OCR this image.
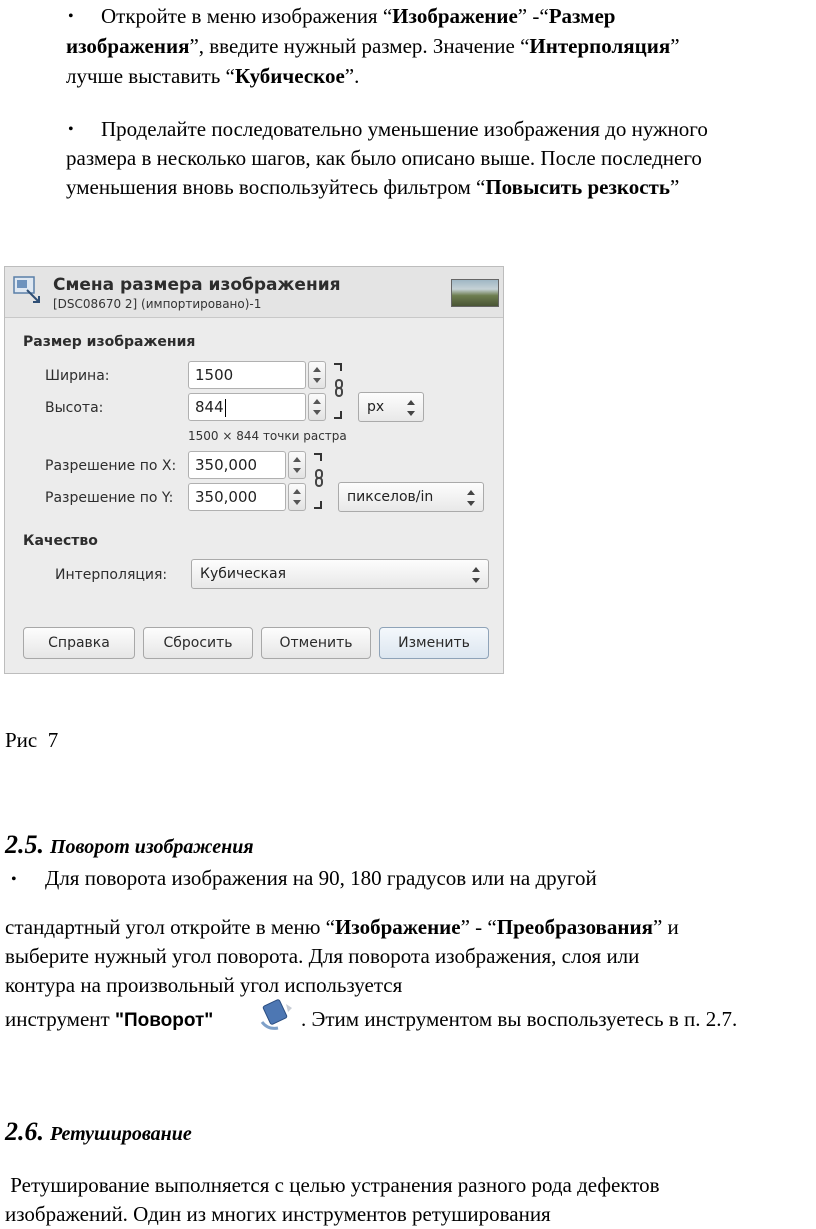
• Откройте в меню изображения “Изображение” -“Размер
изображения”, введите нужный размер. Значение “Интерполяция”
лучше выставить “Кубическое”.
• Проделайте последовательно уменьшение изображения до нужного
размера в несколько шагов, как было описано выше. После последнего
уменьшения вновь воспользуйтесь фильтром “Повысить резкость”
Смена размера изображения
[DSC08670 2] (импортировано)-1
Размер изображения
Ширина:	1500
Высота:	844	px
1500 × 844 точки растра
Разрешение по X:	350,000
Разрешение по Y:	350,000	пикселов/in
Качество
Интерполяция:	Кубическая
Справка	Сбросить	Отменить	Изменить
Рис  7
2.5. Поворот изображения
• Для поворота изображения на 90, 180 градусов или на другой
стандартный угол откройте в меню “Изображение” - “Преобразования” и
выберите нужный угол поворота. Для поворота изображения, слоя или
контура на произвольный угол используется
инструмент "Поворот"	. Этим инструментом вы воспользуетесь в п. 2.7.
2.6. Ретуширование
Ретуширование выполняется с целью устранения разного рода дефектов
изображений. Один из многих инструментов ретуширования
